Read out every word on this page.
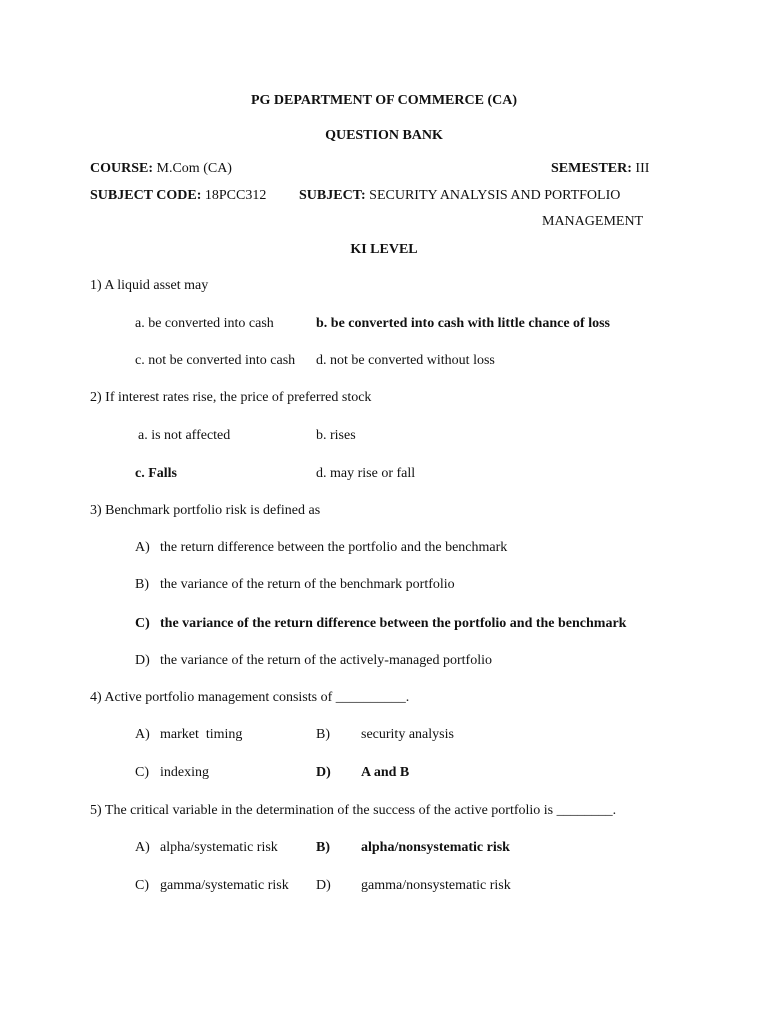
PG DEPARTMENT OF COMMERCE (CA)
QUESTION BANK
COURSE: M.Com (CA)	SEMESTER: III
SUBJECT CODE: 18PCC312 SUBJECT: SECURITY ANALYSIS AND PORTFOLIO
MANAGEMENT
KI LEVEL
1) A liquid asset may
a. be converted into cash	b. be converted into cash with little chance of loss
c. not be converted into cash d. not be converted without loss
2) If interest rates rise, the price of preferred stock
a. is not affected	b. rises
c. Falls	d. may rise or fall
3) Benchmark portfolio risk is defined as
A) the return difference between the portfolio and the benchmark
B) the variance of the return of the benchmark portfolio
C) the variance of the return difference between the portfolio and the benchmark
D) the variance of the return of the actively-managed portfolio
4) Active portfolio management consists of __________.
A) market  timing	B) security analysis
C) indexing	D) A and B
5) The critical variable in the determination of the success of the active portfolio is ________.
A) alpha/systematic risk	B) alpha/nonsystematic risk
C) gamma/systematic risk D) gamma/nonsystematic risk
